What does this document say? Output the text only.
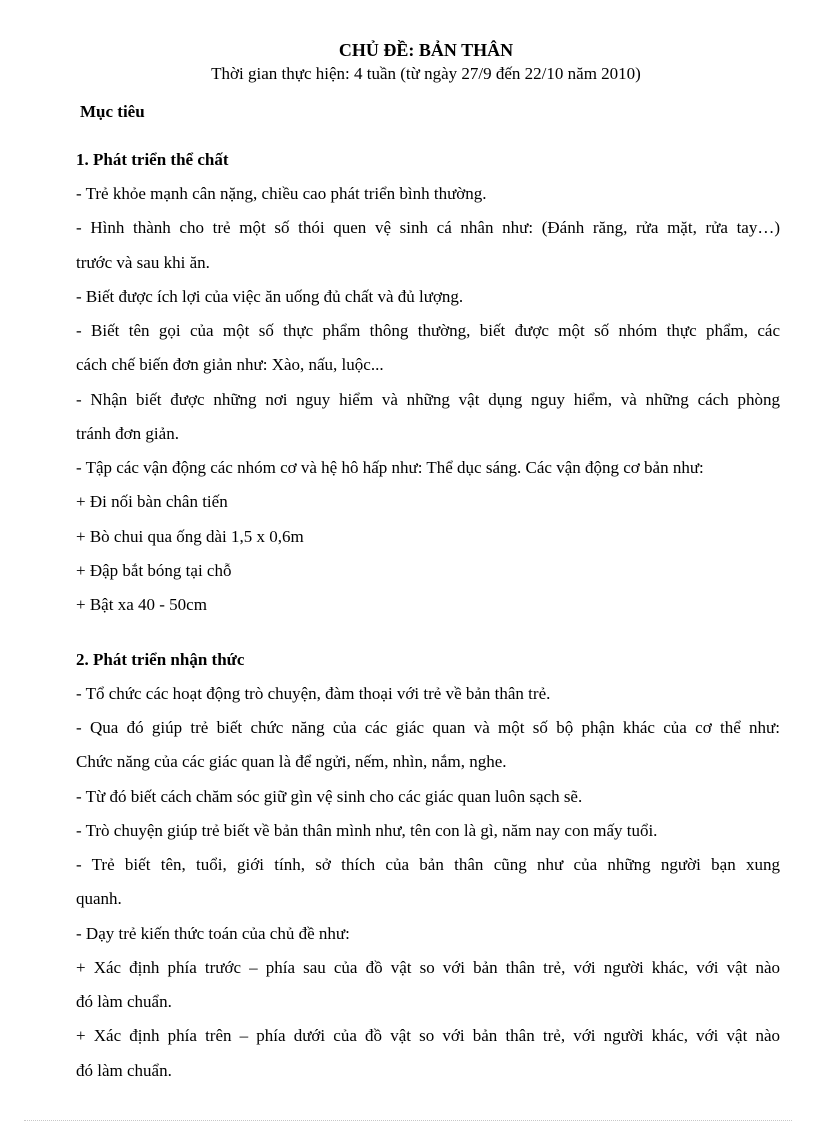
CHỦ ĐỀ: BẢN THÂN
Thời gian thực hiện: 4 tuần (từ ngày 27/9 đến 22/10 năm 2010)
Mục tiêu
1. Phát triển thể chất
- Trẻ khỏe mạnh cân nặng, chiều cao phát triển bình thường.
- Hình thành cho trẻ một số thói quen vệ sinh cá nhân như: (Đánh răng, rửa mặt, rửa tay…)
trước và sau khi ăn.
- Biết được ích lợi của việc ăn uống đủ chất và đủ lượng.
- Biết tên gọi của một số thực phẩm thông thường, biết được một số nhóm thực phẩm, các
cách chế biến đơn giản như: Xào, nấu, luộc...
- Nhận biết được những nơi nguy hiểm và những vật dụng nguy hiểm, và những cách phòng
tránh đơn giản.
- Tập các vận động các nhóm cơ và hệ hô hấp như: Thể dục sáng. Các vận động cơ bản như:
+ Đi nối bàn chân tiến
+ Bò chui qua ống dài 1,5 x 0,6m
+ Đập bắt bóng tại chỗ
+ Bật xa 40 - 50cm
2. Phát triển nhận thức
- Tổ chức các hoạt động trò chuyện, đàm thoại với trẻ về bản thân trẻ.
- Qua đó giúp trẻ biết chức năng của các giác quan và một số bộ phận khác của cơ thể như:
Chức năng của các giác quan là để ngửi, nếm, nhìn, nắm, nghe.
- Từ đó biết cách chăm sóc giữ gìn vệ sinh cho các giác quan luôn sạch sẽ.
- Trò chuyện giúp trẻ biết về bản thân mình như, tên con là gì, năm nay con mấy tuổi.
- Trẻ biết tên, tuổi, giới tính, sở thích của bản thân cũng như của những người bạn xung
quanh.
- Dạy trẻ kiến thức toán của chủ đề như:
+ Xác định phía trước – phía sau của đồ vật so với bản thân trẻ, với người khác, với vật nào
đó làm chuẩn.
+ Xác định phía trên – phía dưới của đồ vật so với bản thân trẻ, với người khác, với vật nào
đó làm chuẩn.
